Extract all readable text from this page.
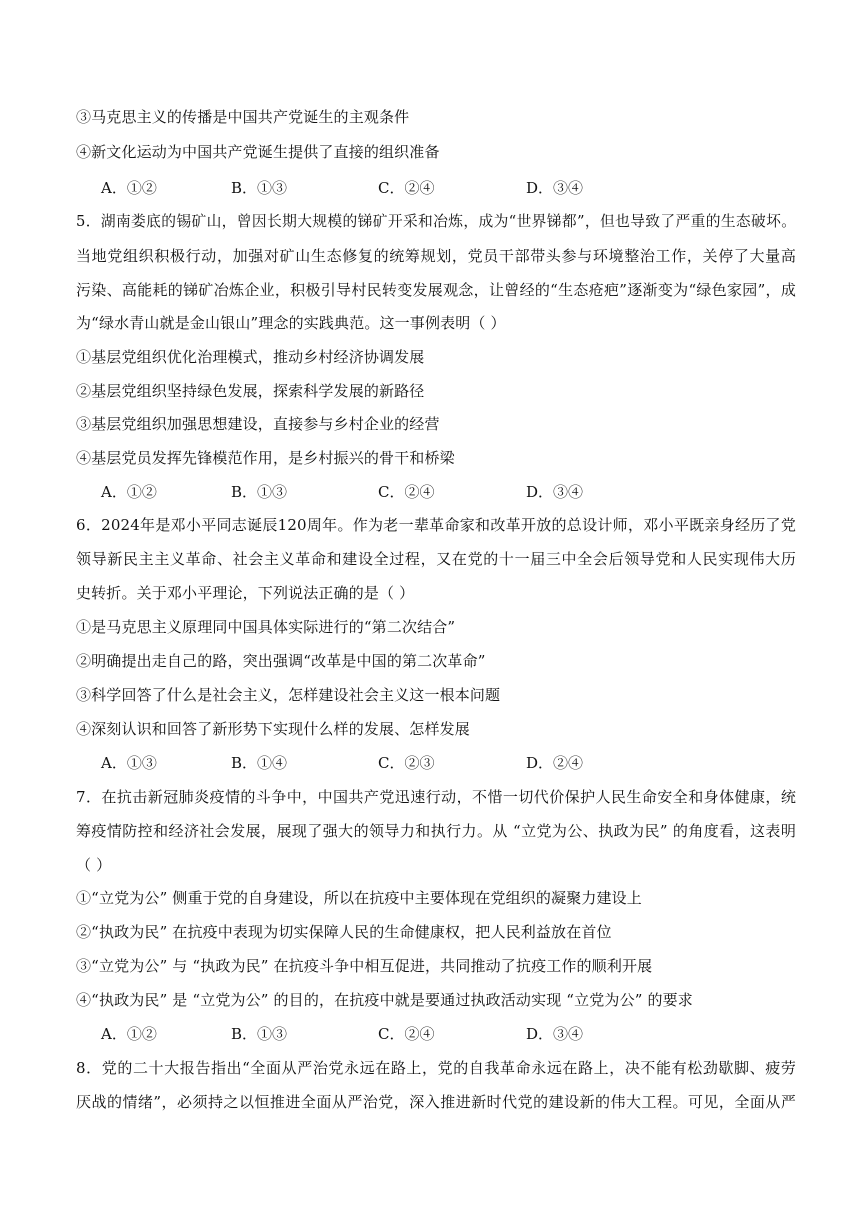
③马克思主义的传播是中国共产党诞生的主观条件
④新文化运动为中国共产党诞生提供了直接的组织准备
A．①②	B．①③	C．②④	D．③④
5．湖南娄底的锡矿山，曾因长期大规模的锑矿开采和冶炼，成为“世界锑都”，但也导致了严重的生态破坏。
当地党组织积极行动，加强对矿山生态修复的统筹规划，党员干部带头参与环境整治工作，关停了大量高
污染、高能耗的锑矿冶炼企业，积极引导村民转变发展观念，让曾经的“生态疮疤”逐渐变为“绿色家园”，成
为“绿水青山就是金山银山”理念的实践典范。这一事例表明（ ）
①基层党组织优化治理模式，推动乡村经济协调发展
②基层党组织坚持绿色发展，探索科学发展的新路径
③基层党组织加强思想建设，直接参与乡村企业的经营
④基层党员发挥先锋模范作用，是乡村振兴的骨干和桥梁
A．①②	B．①③	C．②④	D．③④
6．2024年是邓小平同志诞辰120周年。作为老一辈革命家和改革开放的总设计师，邓小平既亲身经历了党
领导新民主主义革命、社会主义革命和建设全过程，又在党的十一届三中全会后领导党和人民实现伟大历
史转折。关于邓小平理论，下列说法正确的是（ ）
①是马克思主义原理同中国具体实际进行的“第二次结合”
②明确提出走自己的路，突出强调“改革是中国的第二次革命”
③科学回答了什么是社会主义，怎样建设社会主义这一根本问题
④深刻认识和回答了新形势下实现什么样的发展、怎样发展
A．①③	B．①④	C．②③	D．②④
7．在抗击新冠肺炎疫情的斗争中，中国共产党迅速行动，不惜一切代价保护人民生命安全和身体健康，统
筹疫情防控和经济社会发展，展现了强大的领导力和执行力。从 “立党为公、执政为民” 的角度看，这表明
（ ）
①“立党为公” 侧重于党的自身建设，所以在抗疫中主要体现在党组织的凝聚力建设上
②“执政为民” 在抗疫中表现为切实保障人民的生命健康权，把人民利益放在首位
③“立党为公” 与 “执政为民” 在抗疫斗争中相互促进，共同推动了抗疫工作的顺利开展
④“执政为民” 是 “立党为公” 的目的，在抗疫中就是要通过执政活动实现 “立党为公” 的要求
A．①②	B．①③	C．②④	D．③④
8．党的二十大报告指出“全面从严治党永远在路上，党的自我革命永远在路上，决不能有松劲歇脚、疲劳
厌战的情绪”，必须持之以恒推进全面从严治党，深入推进新时代党的建设新的伟大工程。可见，全面从严
